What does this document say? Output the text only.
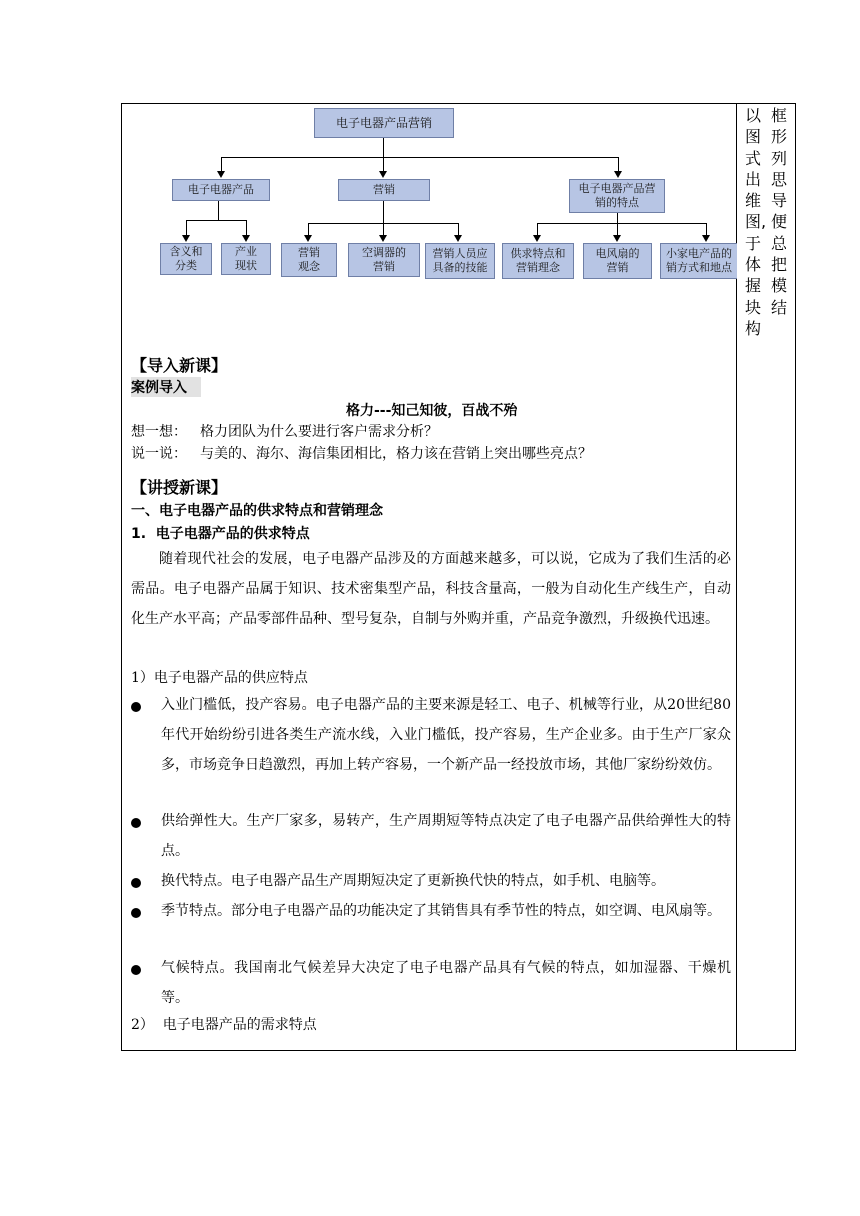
电子电器产品营销
电子电器产品	营销	电子电器产品营
销的特点
含义和
分类
产业
现状
营销
观念
空调器的
营销
营销人员应
具备的技能
供求特点和
营销理念
电风扇的
营销
小家电产品的
销方式和地点
以图式出维图,于体握块构
框形列思导便总把模结
【导入新课】
案例导入
格力---知己知彼，百战不殆
想一想： 格力团队为什么要进行客户需求分析？
说一说： 与美的、海尔、海信集团相比，格力该在营销上突出哪些亮点？
【讲授新课】
一、电子电器产品的供求特点和营销理念
1.  电子电器产品的供求特点
随着现代社会的发展，电子电器产品涉及的方面越来越多，可以说，它成为了我们生活的必需品。电子电器产品属于知识、技术密集型产品，科技含量高，一般为自动化生产线生产，自动化生产水平高；产品零部件品种、型号复杂，自制与外购并重，产品竞争激烈，升级换代迅速。
1）电子电器产品的供应特点
入业门槛低，投产容易。电子电器产品的主要来源是轻工、电子、机械等行业，从20世纪80年代开始纷纷引进各类生产流水线，入业门槛低，投产容易，生产企业多。由于生产厂家众多，市场竞争日趋激烈，再加上转产容易，一个新产品一经投放市场，其他厂家纷纷效仿。
供给弹性大。生产厂家多，易转产，生产周期短等特点决定了电子电器产品供给弹性大的特点。
换代特点。电子电器产品生产周期短决定了更新换代快的特点，如手机、电脑等。
季节特点。部分电子电器产品的功能决定了其销售具有季节性的特点，如空调、电风扇等。
气候特点。我国南北气候差异大决定了电子电器产品具有气候的特点，如加湿器、干燥机等。
2）  电子电器产品的需求特点
